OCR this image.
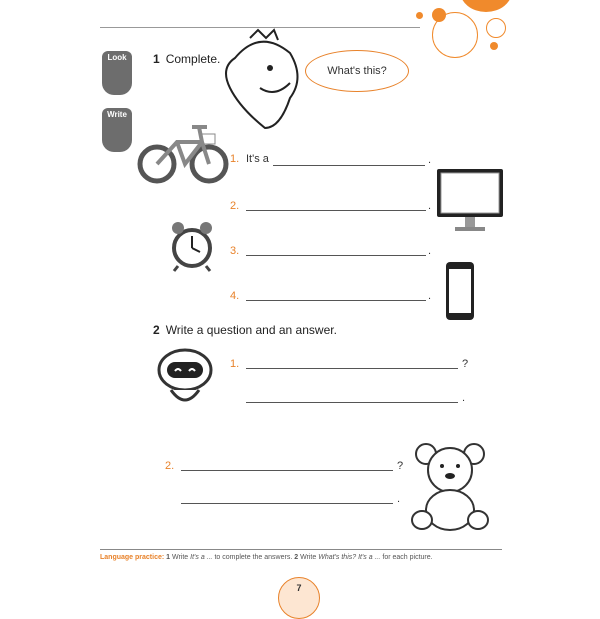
Look
Write
1 Complete.
What's this?
1. It's a	.
2.	.
3.	.
4.	.
2 Write a question and an answer.
1.	?
.
2.	?
.
Language practice: 1 Write It's a ... to complete the answers. 2 Write What's this? It's a ... for each picture.
7
